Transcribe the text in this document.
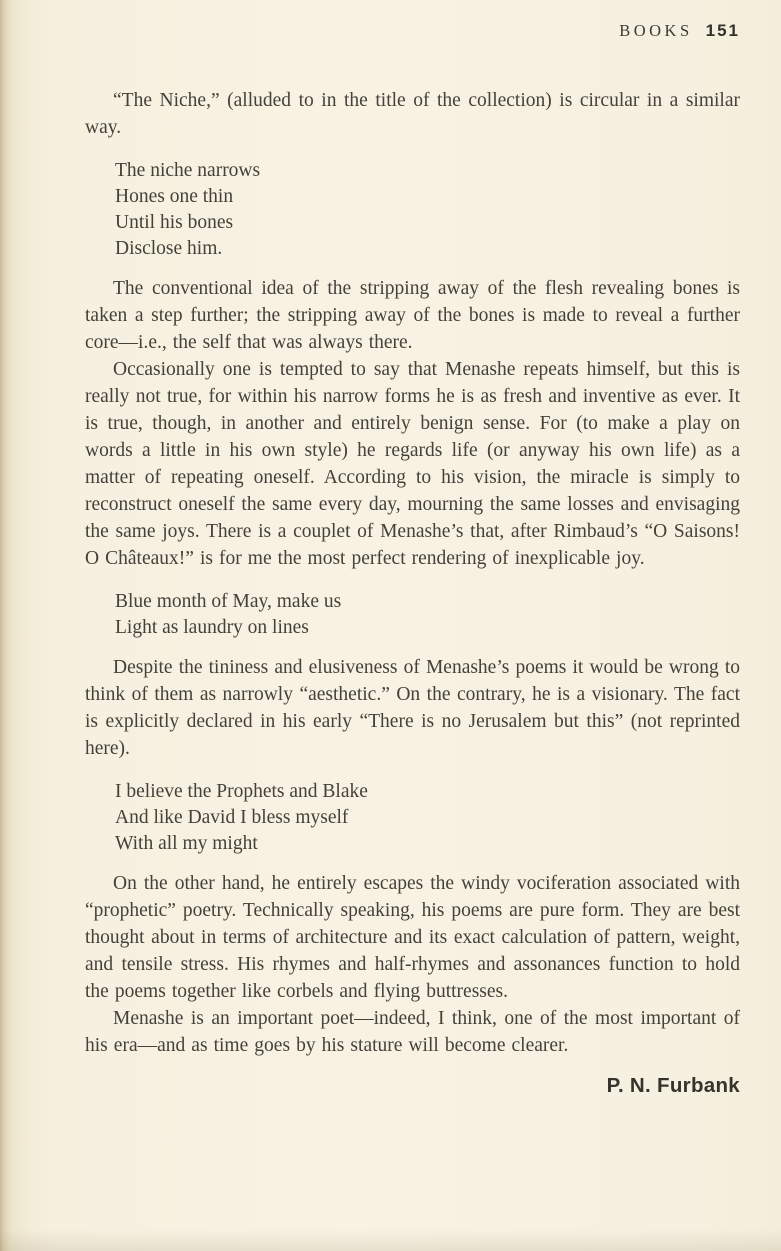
BOOKS 151

“The Niche,” (alluded to in the title of the collection) is circular in a similar way.

The niche narrows
Hones one thin
Until his bones
Disclose him.

The conventional idea of the stripping away of the flesh revealing bones is taken a step further; the stripping away of the bones is made to reveal a further core—i.e., the self that was always there.

Occasionally one is tempted to say that Menashe repeats himself, but this is really not true, for within his narrow forms he is as fresh and inventive as ever. It is true, though, in another and entirely benign sense. For (to make a play on words a little in his own style) he regards life (or anyway his own life) as a matter of repeating oneself. According to his vision, the miracle is simply to reconstruct oneself the same every day, mourning the same losses and envisaging the same joys. There is a couplet of Menashe’s that, after Rimbaud’s “O Saisons! O Châteaux!” is for me the most perfect rendering of inexplicable joy.

Blue month of May, make us
Light as laundry on lines

Despite the tininess and elusiveness of Menashe’s poems it would be wrong to think of them as narrowly “aesthetic.” On the contrary, he is a visionary. The fact is explicitly declared in his early “There is no Jerusalem but this” (not reprinted here).

I believe the Prophets and Blake
And like David I bless myself
With all my might

On the other hand, he entirely escapes the windy vociferation associated with “prophetic” poetry. Technically speaking, his poems are pure form. They are best thought about in terms of architecture and its exact calculation of pattern, weight, and tensile stress. His rhymes and half-rhymes and assonances function to hold the poems together like corbels and flying buttresses.

Menashe is an important poet—indeed, I think, one of the most important of his era—and as time goes by his stature will become clearer.

P. N. Furbank
